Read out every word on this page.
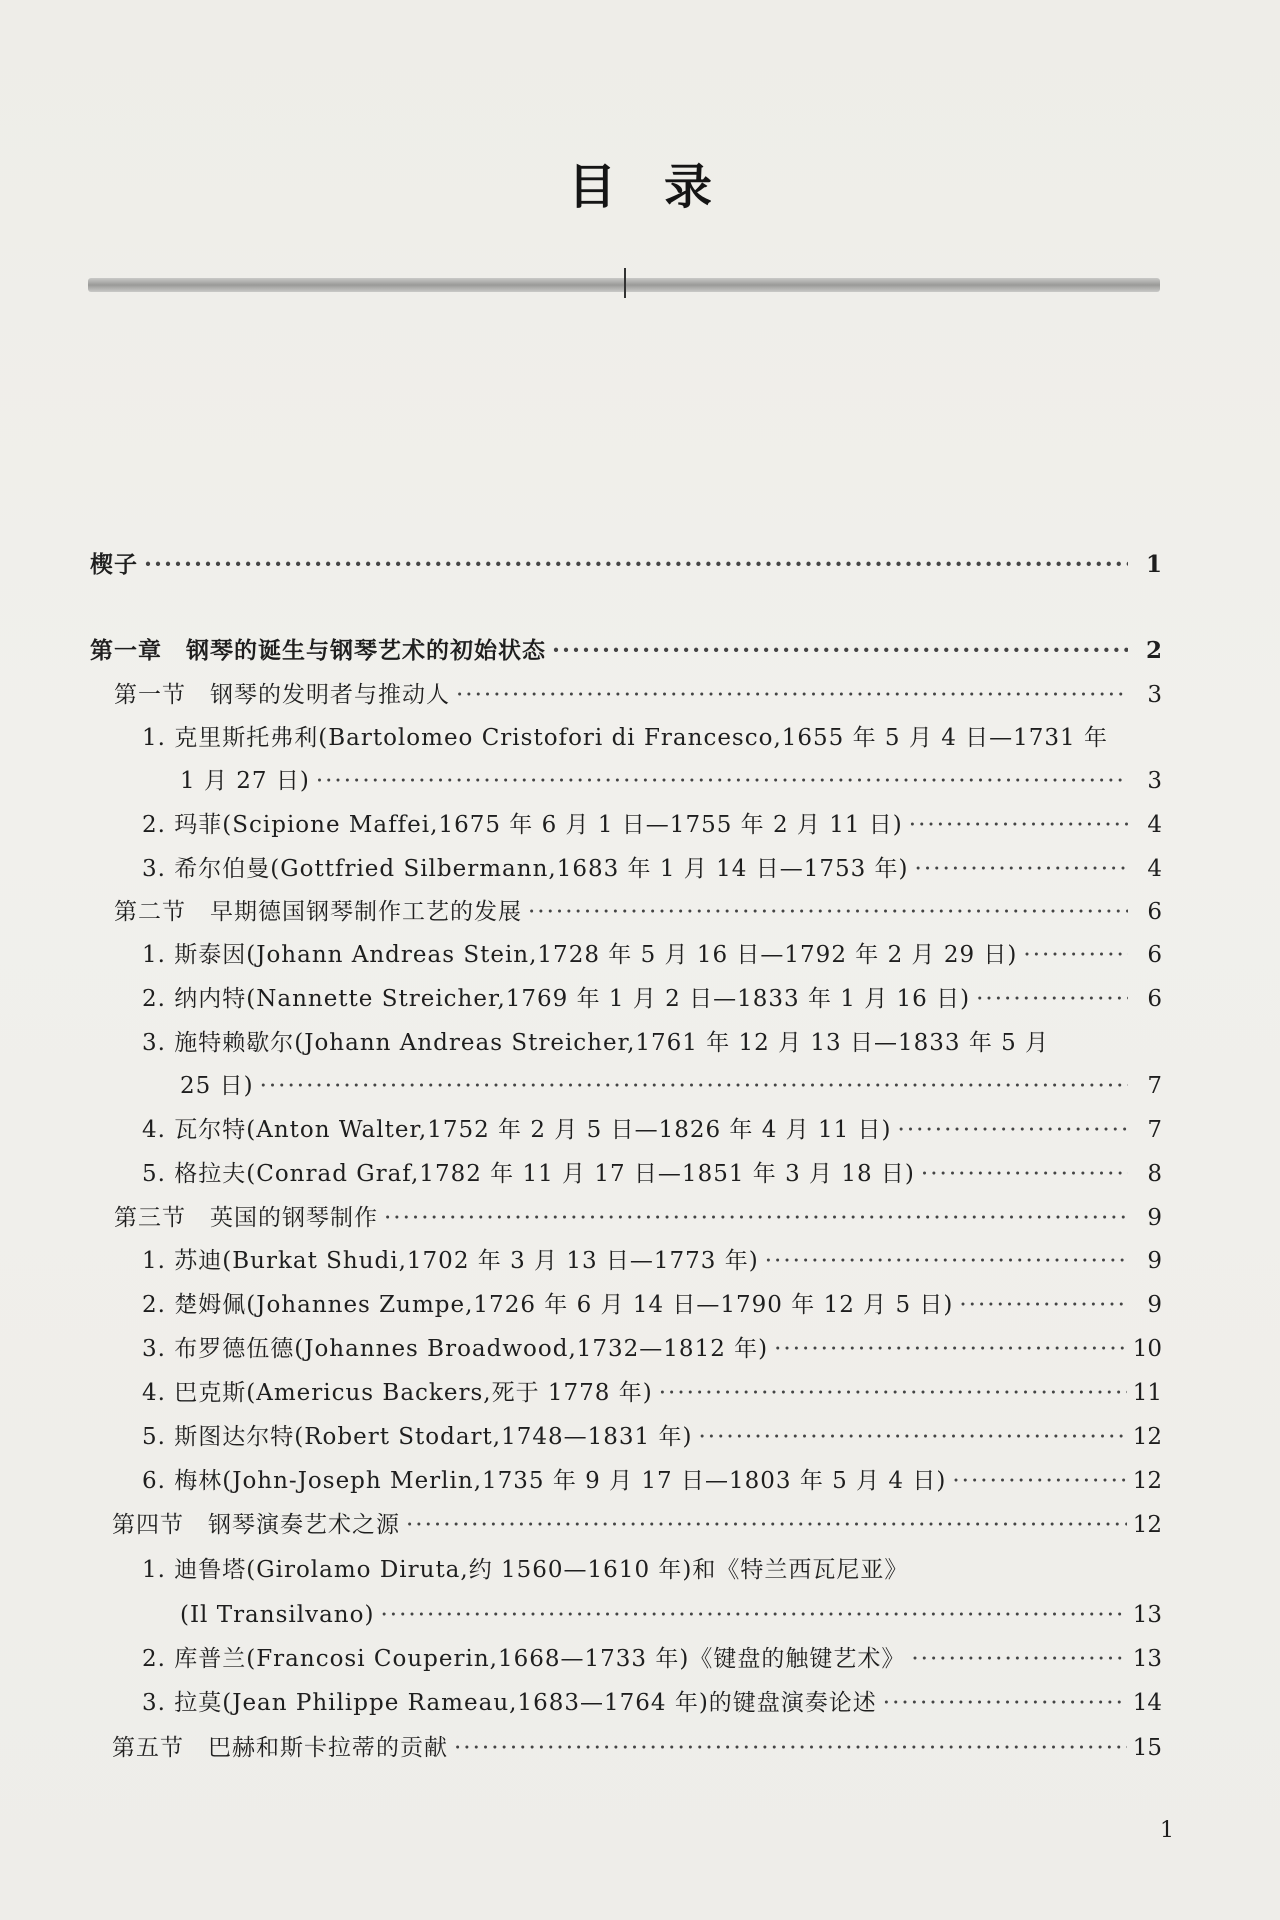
目录
楔子 ·····	1
第一章　钢琴的诞生与钢琴艺术的初始状态 ·····	2
第一节　钢琴的发明者与推动人 ·····	3
1. 克里斯托弗利(Bartolomeo Cristofori di Francesco,1655 年 5 月 4 日—1731 年
1 月 27 日) ·····	3
2. 玛菲(Scipione Maffei,1675 年 6 月 1 日—1755 年 2 月 11 日) ·····	4
3. 希尔伯曼(Gottfried Silbermann,1683 年 1 月 14 日—1753 年) ·····	4
第二节　早期德国钢琴制作工艺的发展 ·····	6
1. 斯泰因(Johann Andreas Stein,1728 年 5 月 16 日—1792 年 2 月 29 日) ·····	6
2. 纳内特(Nannette Streicher,1769 年 1 月 2 日—1833 年 1 月 16 日) ·····	6
3. 施特赖歇尔(Johann Andreas Streicher,1761 年 12 月 13 日—1833 年 5 月
25 日) ·····	7
4. 瓦尔特(Anton Walter,1752 年 2 月 5 日—1826 年 4 月 11 日) ·····	7
5. 格拉夫(Conrad Graf,1782 年 11 月 17 日—1851 年 3 月 18 日) ·····	8
第三节　英国的钢琴制作 ·····	9
1. 苏迪(Burkat Shudi,1702 年 3 月 13 日—1773 年) ·····	9
2. 楚姆佩(Johannes Zumpe,1726 年 6 月 14 日—1790 年 12 月 5 日) ·····	9
3. 布罗德伍德(Johannes Broadwood,1732—1812 年) ·····	10
4. 巴克斯(Americus Backers,死于 1778 年) ·····	11
5. 斯图达尔特(Robert Stodart,1748—1831 年) ·····	12
6. 梅林(John-Joseph Merlin,1735 年 9 月 17 日—1803 年 5 月 4 日) ·····	12
第四节　钢琴演奏艺术之源 ·····	12
1. 迪鲁塔(Girolamo Diruta,约 1560—1610 年)和《特兰西瓦尼亚》
(Il Transilvano) ·····	13
2. 库普兰(Francosi Couperin,1668—1733 年)《键盘的触键艺术》 ·····	13
3. 拉莫(Jean Philippe Rameau,1683—1764 年)的键盘演奏论述 ·····	14
第五节　巴赫和斯卡拉蒂的贡献 ·····	15
1
